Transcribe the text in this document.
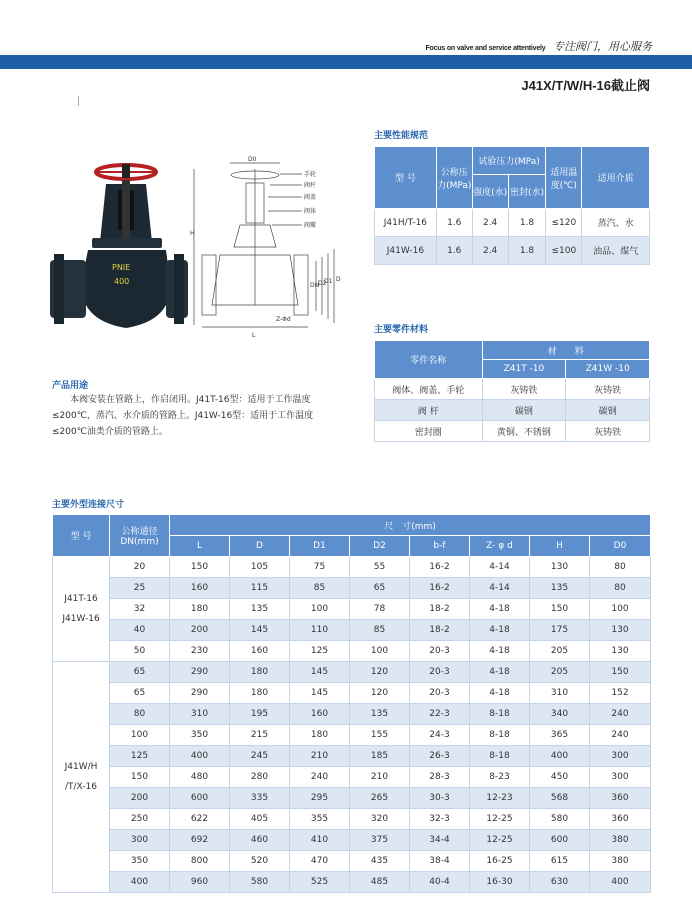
Focus on valve and service attentively 专注阀门，用心服务
J41X/T/W/H-16截止阀
PNIE
400
D0
手轮
阀杆
阀盖
阀体
阀瓣
H
L
Z-Φd
DN
D2
D1 D
主要性能规范
型 号	公称压力(MPa)	试验压力(MPa)		适用温度(℃)	适用介质
		强度(水)	密封(水)		
J41H/T-16	1.6	2.4	1.8	≤120	蒸汽、水
J41W-16	1.6	2.4	1.8	≤100	油品、煤气
主要零件材料
零件名称	材　　料	
	Z41T -10	Z41W -10
阀体、阀盖、手轮	灰铸铁	灰铸铁
阀 杆	碳钢	碳钢
密封圈	黄铜、不锈钢	灰铸铁
产品用途
本阀安装在管路上，作启闭用。J41T-16型：适用于工作温度
≤200℃，蒸汽、水介质的管路上。J41W-16型：适用于工作温度
≤200℃油类介质的管路上。
主要外型连接尺寸
型 号	公称通径DN(mm)	尺　寸(mm)							
		L	D	D1	D2	b-f	Z- φ d	H	D0

J41T-16
J41W-16	20	150	105	75	55	16-2	4-14	130	80
	25	160	115	85	65	16-2	4-14	135	80
	32	180	135	100	78	18-2	4-18	150	100
	40	200	145	110	85	18-2	4-18	175	130
	50	230	160	125	100	20-3	4-18	205	130

J41W/H
/T/X-16	65	290	180	145	120	20-3	4-18	205	150
	65	290	180	145	120	20-3	4-18	310	152
	80	310	195	160	135	22-3	8-18	340	240
	100	350	215	180	155	24-3	8-18	365	240
	125	400	245	210	185	26-3	8-18	400	300
	150	480	280	240	210	28-3	8-23	450	300
	200	600	335	295	265	30-3	12-23	568	360
	250	622	405	355	320	32-3	12-25	580	360
	300	692	460	410	375	34-4	12-25	600	380
	350	800	520	470	435	38-4	16-25	615	380
	400	960	580	525	485	40-4	16-30	630	400
